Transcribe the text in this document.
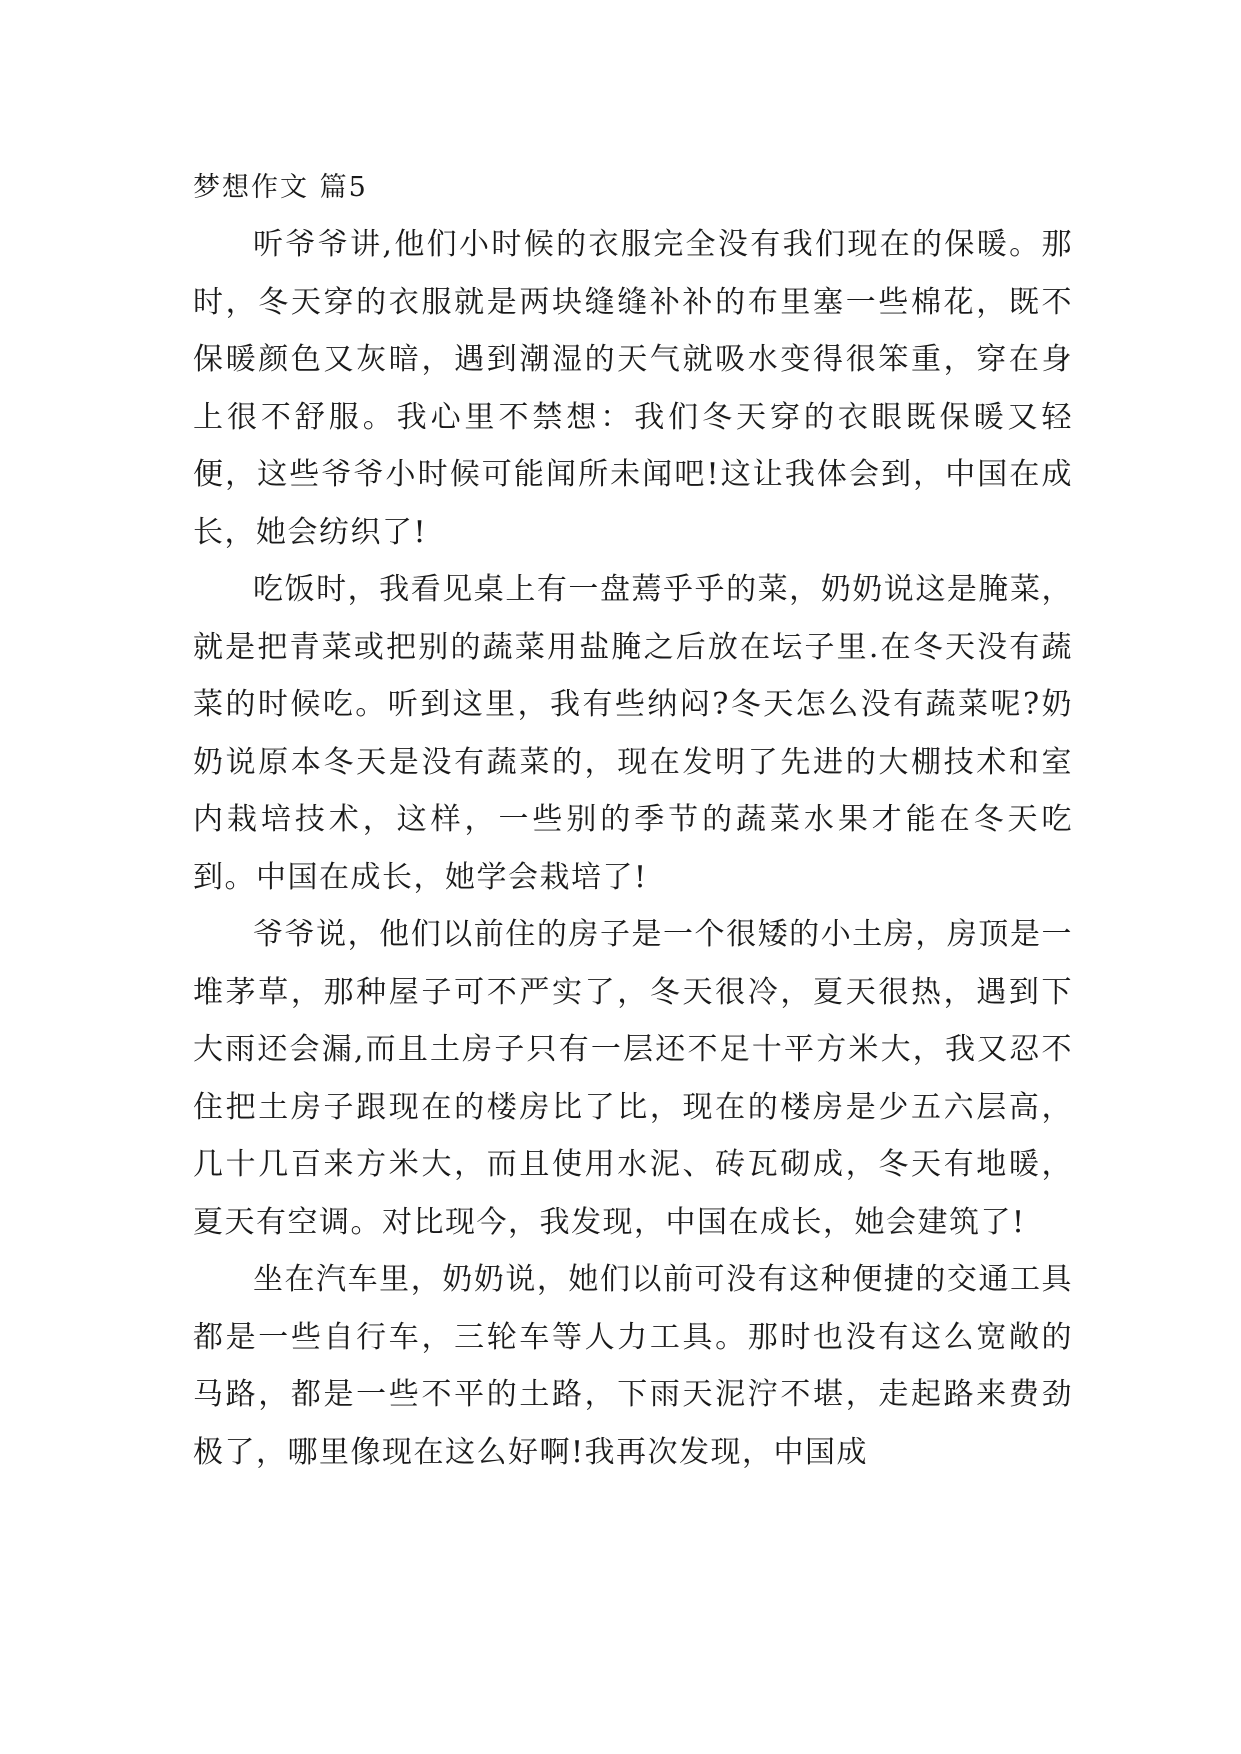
梦想作文 篇5

听爷爷讲,他们小时候的衣服完全没有我们现在的保暖。那时，冬天穿的衣服就是两块缝缝补补的布里塞一些棉花，既不保暖颜色又灰暗，遇到潮湿的天气就吸水变得很笨重，穿在身上很不舒服。我心里不禁想：我们冬天穿的衣眼既保暖又轻便，这些爷爷小时候可能闻所未闻吧!这让我体会到，中国在成长，她会纺织了!

吃饭时，我看见桌上有一盘蔫乎乎的菜，奶奶说这是腌菜，就是把青菜或把别的蔬菜用盐腌之后放在坛子里.在冬天没有蔬菜的时候吃。听到这里，我有些纳闷?冬天怎么没有蔬菜呢?奶奶说原本冬天是没有蔬菜的，现在发明了先进的大棚技术和室内栽培技术，这样，一些别的季节的蔬菜水果才能在冬天吃到。中国在成长，她学会栽培了!

爷爷说，他们以前住的房子是一个很矮的小土房，房顶是一堆茅草，那种屋子可不严实了，冬天很冷，夏天很热，遇到下大雨还会漏,而且土房子只有一层还不足十平方米大，我又忍不住把土房子跟现在的楼房比了比，现在的楼房是少五六层高，几十几百来方米大，而且使用水泥、砖瓦砌成，冬天有地暖，夏天有空调。对比现今，我发现，中国在成长，她会建筑了!

坐在汽车里，奶奶说，她们以前可没有这种便捷的交通工具都是一些自行车，三轮车等人力工具。那时也没有这么宽敞的马路，都是一些不平的土路，下雨天泥泞不堪，走起路来费劲极了，哪里像现在这么好啊!我再次发现，中国成
